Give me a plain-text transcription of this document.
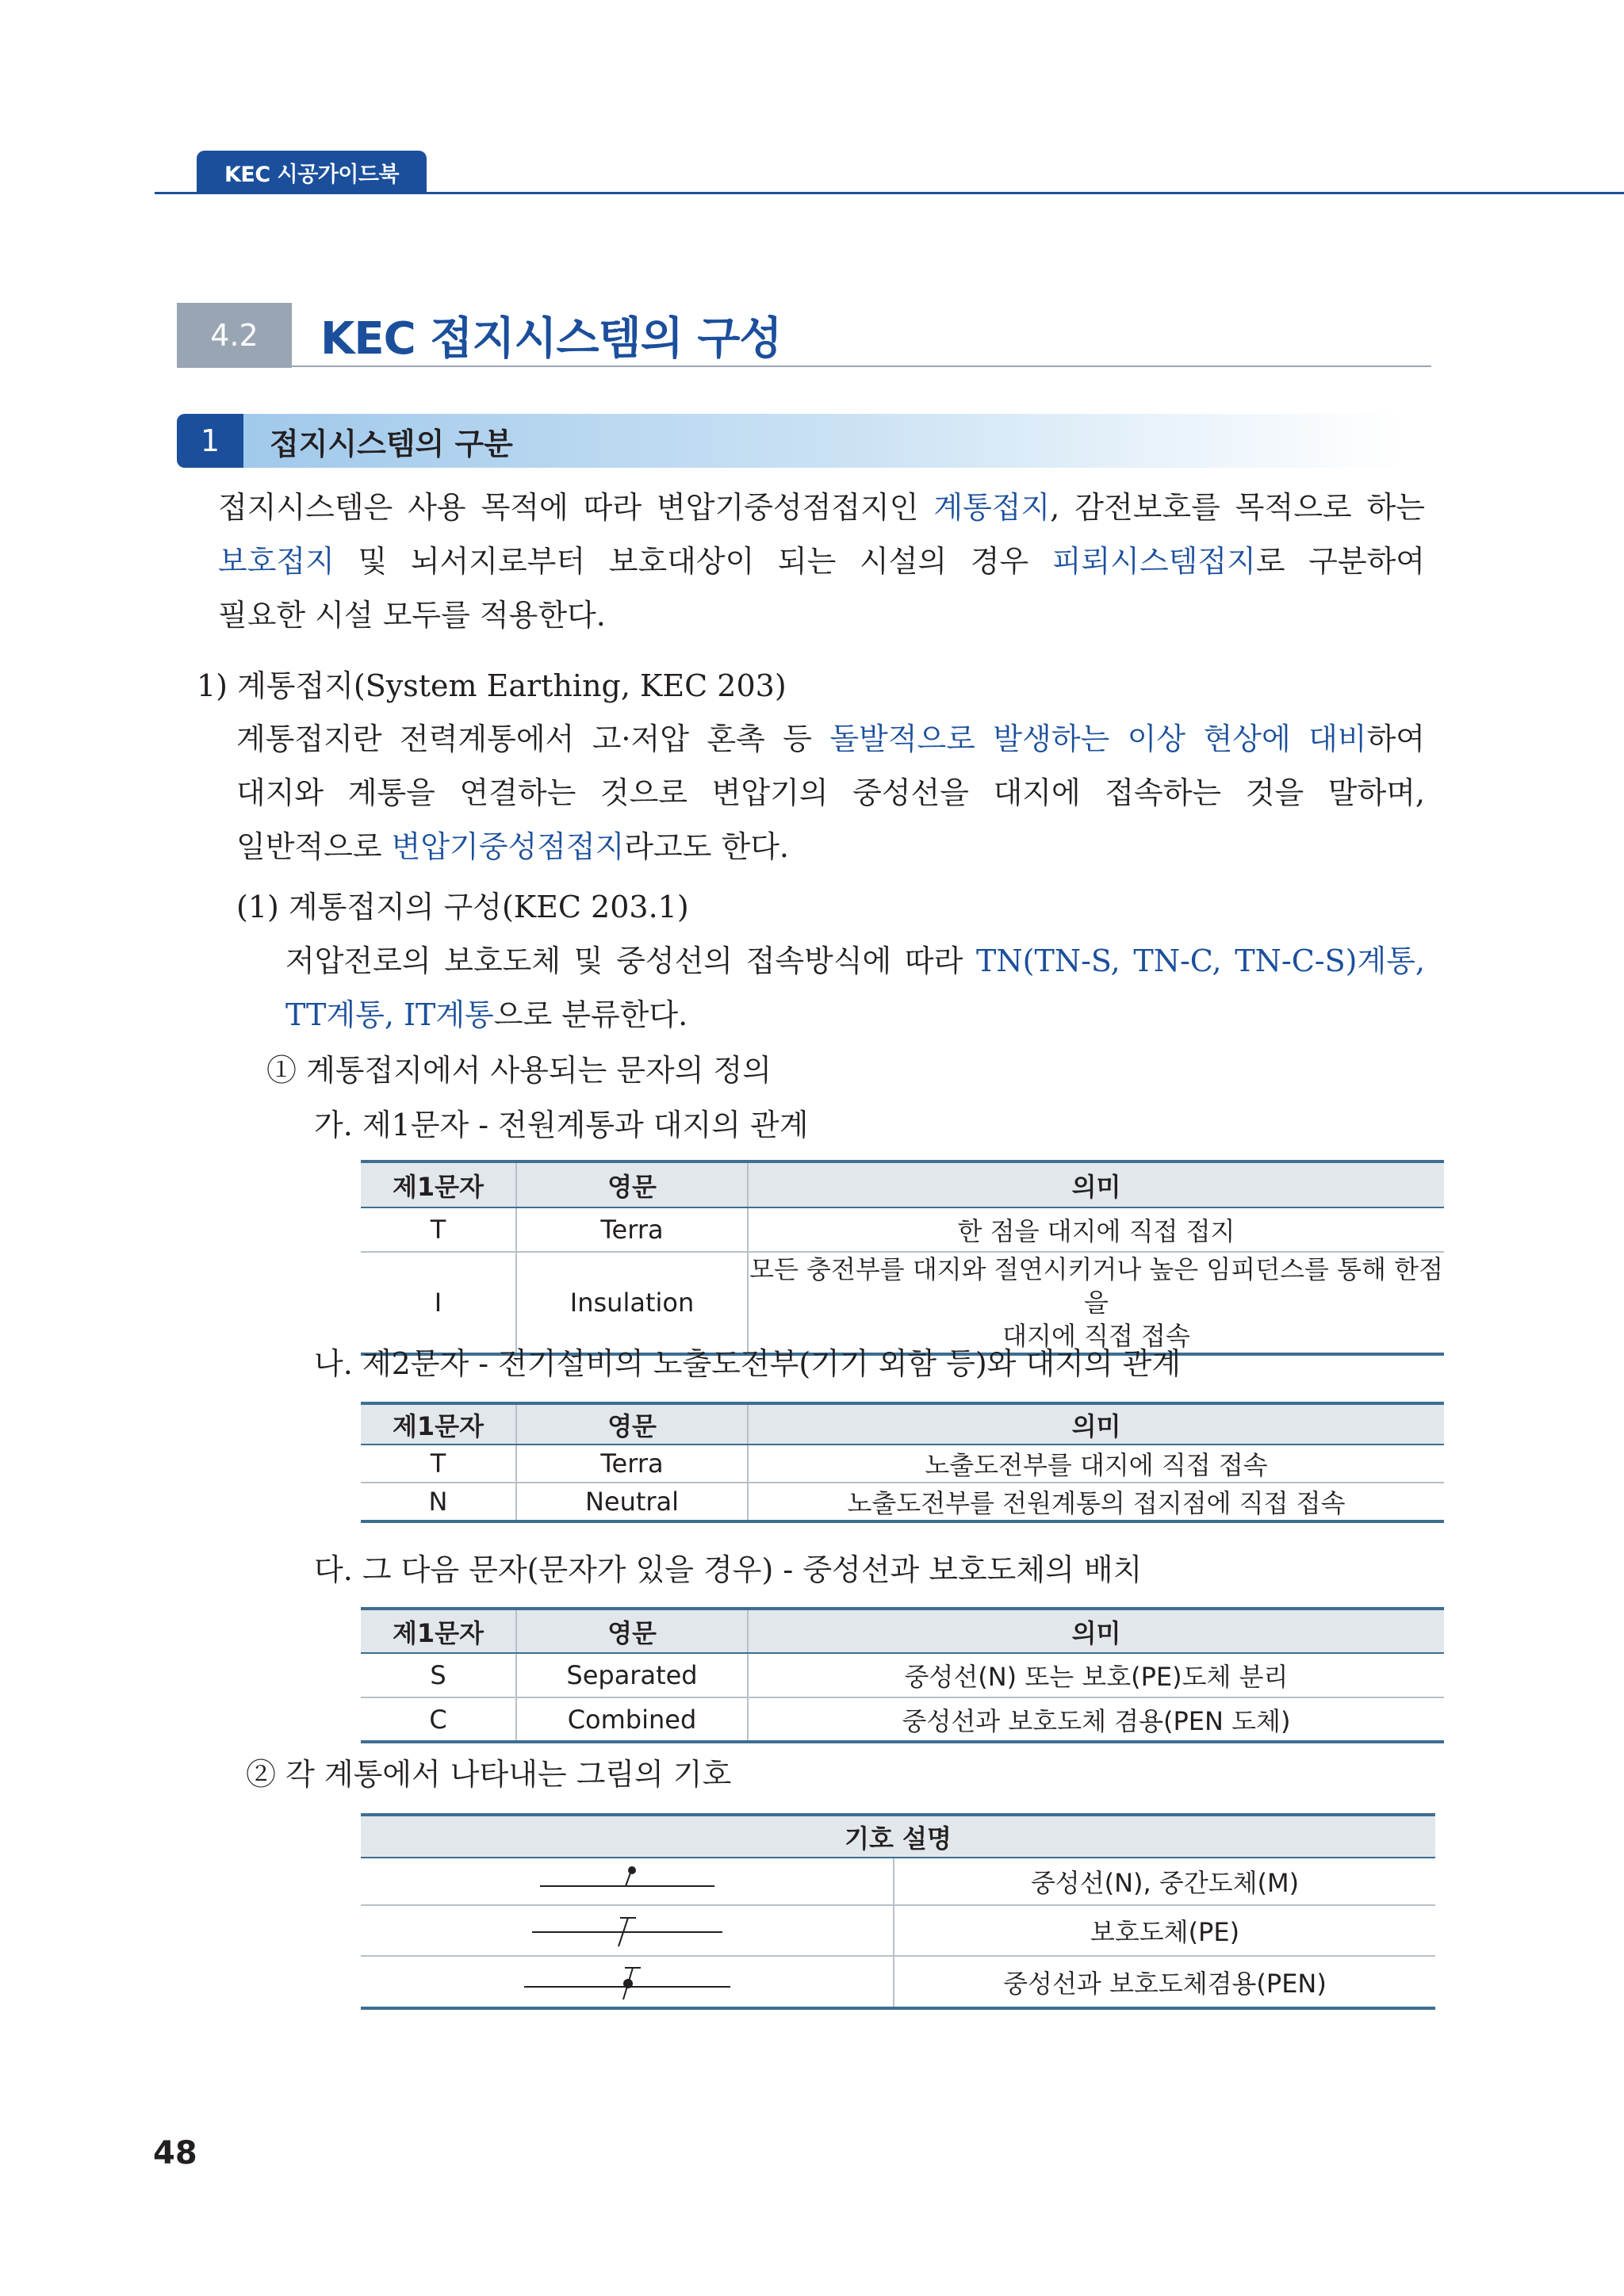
KEC 시공가이드북
4.2	KEC 접지시스템의 구성
1	접지시스템의 구분
접지시스템은 사용 목적에 따라 변압기중성점접지인 계통접지, 감전보호를 목적으로 하는
보호접지 및 뇌서지로부터 보호대상이 되는 시설의 경우 피뢰시스템접지로 구분하여
필요한 시설 모두를 적용한다.
1) 계통접지(System Earthing, KEC 203)
계통접지란 전력계통에서 고·저압 혼촉 등 돌발적으로 발생하는 이상 현상에 대비하여
대지와 계통을 연결하는 것으로 변압기의 중성선을 대지에 접속하는 것을 말하며,
일반적으로 변압기중성점접지라고도 한다.
(1) 계통접지의 구성(KEC 203.1)
저압전로의 보호도체 및 중성선의 접속방식에 따라 TN(TN-S, TN-C, TN-C-S)계통,
TT계통, IT계통으로 분류한다.
① 계통접지에서 사용되는 문자의 정의
가. 제1문자 - 전원계통과 대지의 관계
제1문자	영문	의미
T	Terra	한 점을 대지에 직접 접지
I	Insulation	모든 충전부를 대지와 절연시키거나 높은 임피던스를 통해 한점을
대지에 직접 접속
나. 제2문자 - 전기설비의 노출도전부(기기 외함 등)와 대지의 관계
제1문자	영문	의미
T	Terra	노출도전부를 대지에 직접 접속
N	Neutral	노출도전부를 전원계통의 접지점에 직접 접속
다. 그 다음 문자(문자가 있을 경우) - 중성선과 보호도체의 배치
제1문자	영문	의미
S	Separated	중성선(N) 또는 보호(PE)도체 분리
C	Combined	중성선과 보호도체 겸용(PEN 도체)
② 각 계통에서 나타내는 그림의 기호
기호 설명	

	중성선(N), 중간도체(M)

	보호도체(PE)

	중성선과 보호도체겸용(PEN)
48
